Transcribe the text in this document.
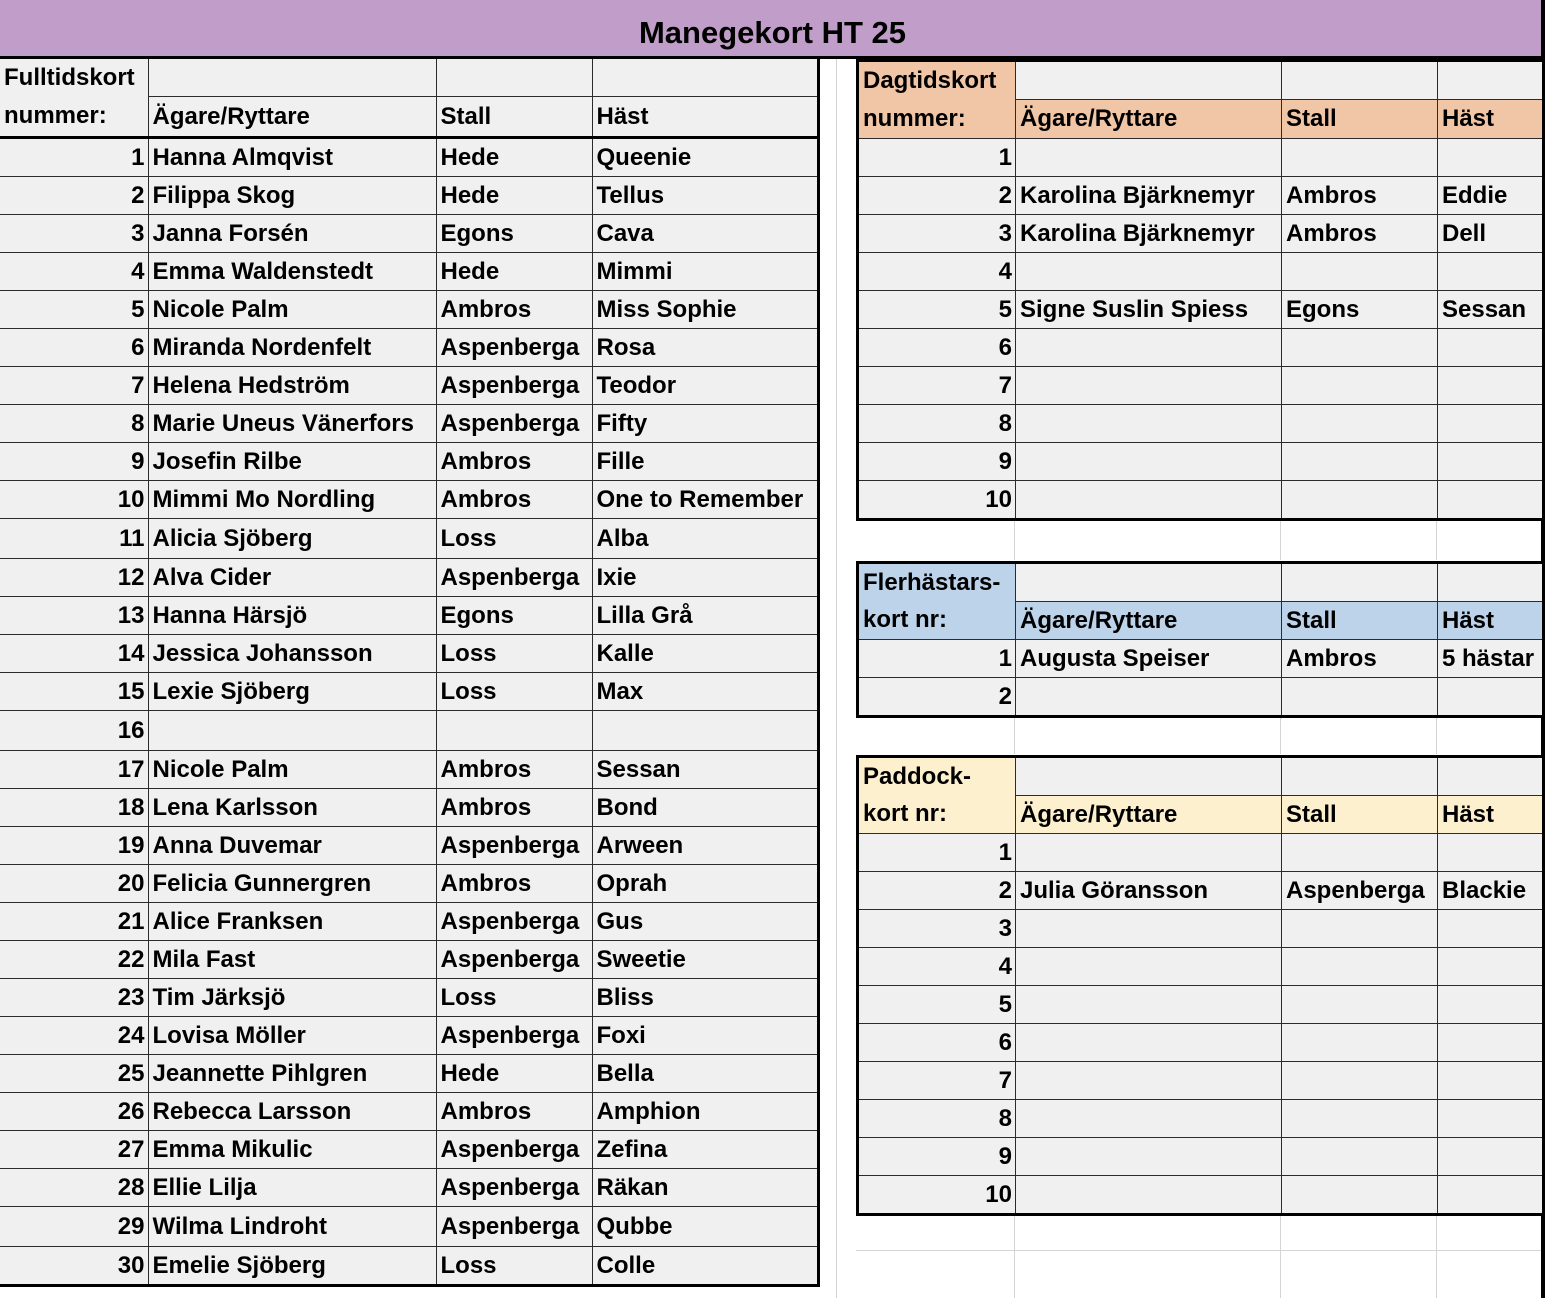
Manegekort HT 25
Fulltidskort			
nummer:	Ägare/Ryttare	Stall	Häst
1	Hanna Almqvist	Hede	Queenie
2	Filippa Skog	Hede	Tellus
3	Janna Forsén	Egons	Cava
4	Emma Waldenstedt	Hede	Mimmi
5	Nicole Palm	Ambros	Miss Sophie
6	Miranda Nordenfelt	Aspenberga	Rosa
7	Helena Hedström	Aspenberga	Teodor
8	Marie Uneus Vänerfors	Aspenberga	Fifty
9	Josefin Rilbe	Ambros	Fille
10	Mimmi Mo Nordling	Ambros	One to Remember
11	Alicia Sjöberg	Loss	Alba
12	Alva Cider	Aspenberga	Ixie
13	Hanna Härsjö	Egons	Lilla Grå
14	Jessica Johansson	Loss	Kalle
15	Lexie Sjöberg	Loss	Max
16			
17	Nicole Palm	Ambros	Sessan
18	Lena Karlsson	Ambros	Bond
19	Anna Duvemar	Aspenberga	Arween
20	Felicia Gunnergren	Ambros	Oprah
21	Alice Franksen	Aspenberga	Gus
22	Mila Fast	Aspenberga	Sweetie
23	Tim Järksjö	Loss	Bliss
24	Lovisa Möller	Aspenberga	Foxi
25	Jeannette Pihlgren	Hede	Bella
26	Rebecca Larsson	Ambros	Amphion
27	Emma Mikulic	Aspenberga	Zefina
28	Ellie Lilja	Aspenberga	Räkan
29	Wilma Lindroht	Aspenberga	Qubbe
30	Emelie Sjöberg	Loss	Colle
Dagtidskort			
nummer:	Ägare/Ryttare	Stall	Häst
1			
2	Karolina Bjärknemyr	Ambros	Eddie
3	Karolina Bjärknemyr	Ambros	Dell
4			
5	Signe Suslin Spiess	Egons	Sessan
6			
7			
8			
9			
10			
Flerhästars-			
kort nr:	Ägare/Ryttare	Stall	Häst
1	Augusta Speiser	Ambros	5 hästar
2			
Paddock-			
kort nr:	Ägare/Ryttare	Stall	Häst
1			
2	Julia Göransson	Aspenberga	Blackie
3			
4			
5			
6			
7			
8			
9			
10			
